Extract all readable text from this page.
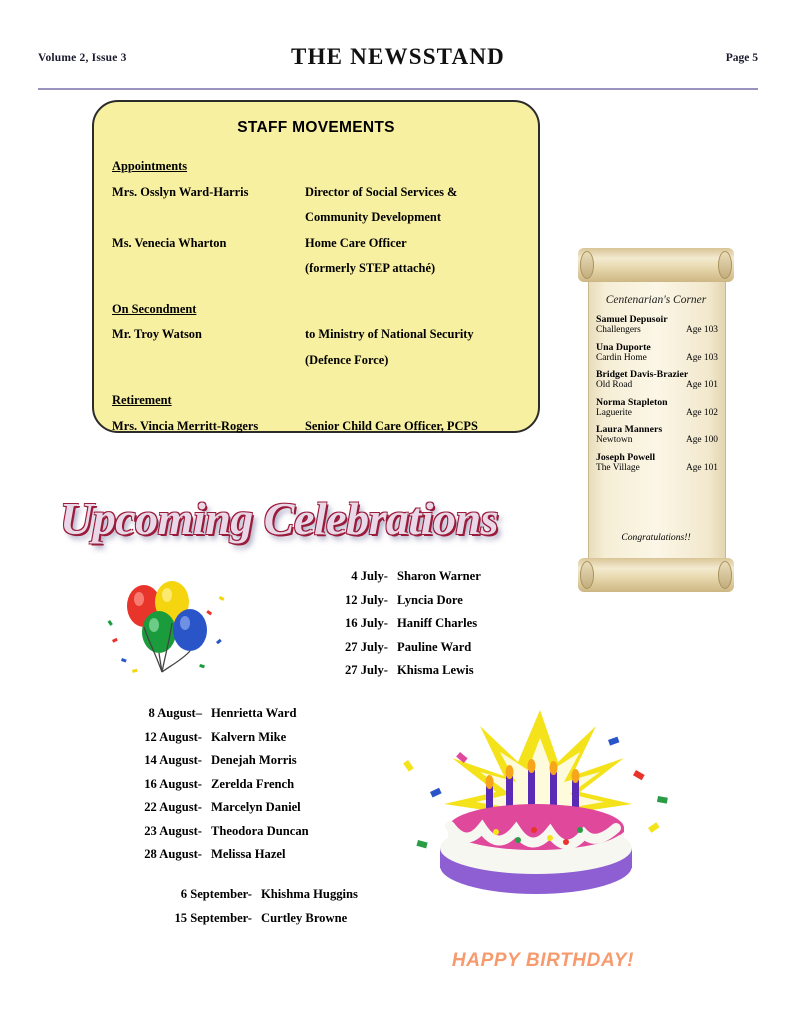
Volume 2, Issue 3	THE NEWSSTAND	Page 5
STAFF MOVEMENTS
Appointments
Mrs. Osslyn Ward-Harris	Director of Social Services &
Community Development
Ms. Venecia Wharton	Home Care Officer
(formerly STEP attaché)
On Secondment
Mr. Troy Watson	to Ministry of National Security
(Defence Force)
Retirement
Mrs. Vincia Merritt-Rogers	Senior Child Care Officer, PCPS
Centenarian's Corner
Samuel Depusoir
Challengers	Age 103
Una Duporte
Cardin Home	Age 103
Bridget Davis-Brazier
Old Road	Age 101
Norma Stapleton
Laguerite	Age 102
Laura Manners
Newtown	Age 100
Joseph Powell
The Village	Age 101
Congratulations!!
Upcoming Celebrations
4 July- Sharon Warner
12 July- Lyncia Dore
16 July- Haniff Charles
27 July- Pauline Ward
27 July- Khisma Lewis
8 August– Henrietta Ward
12 August- Kalvern Mike
14 August- Denejah Morris
16 August- Zerelda French
22 August- Marcelyn Daniel
23 August- Theodora Duncan
28 August- Melissa Hazel
6 September- Khishma Huggins
15 September- Curtley Browne
HAPPY BIRTHDAY!
